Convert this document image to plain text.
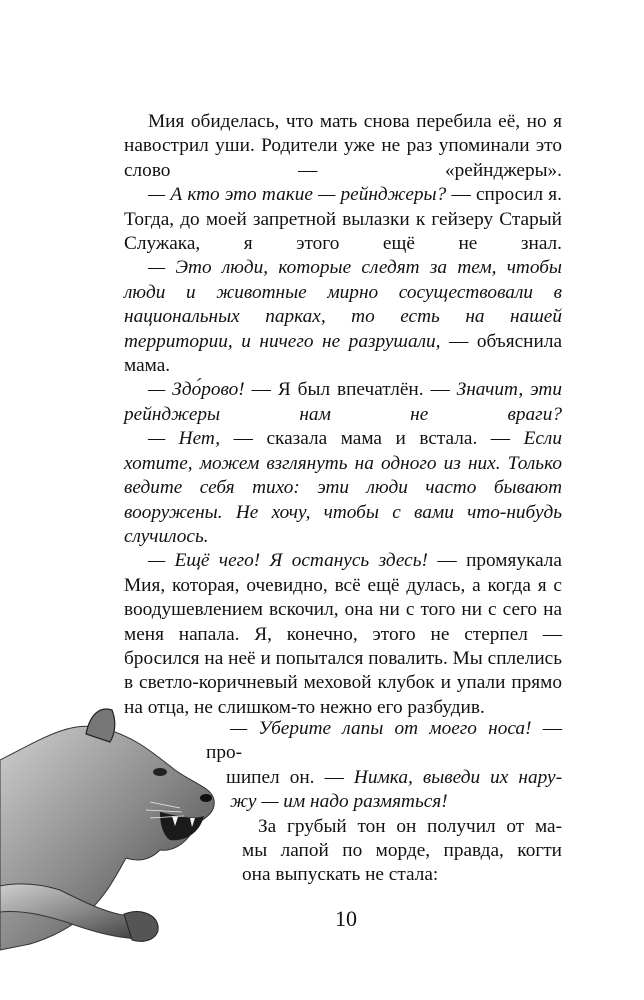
Мия обиделась, что мать снова перебила её, но я навострил уши. Родители уже не раз упоминали это слово — «рейнджеры».

— А кто это такие — рейнджеры? — спросил я. Тогда, до моей запретной вылазки к гейзеру Старый Служака, я этого ещё не знал.

— Это люди, которые следят за тем, чтобы люди и животные мирно сосуществовали в национальных парках, то есть на нашей территории, и ничего не разрушали, — объяснила мама.

— Здо́рово! — Я был впечатлён. — Значит, эти рейнджеры нам не враги?

— Нет, — сказала мама и встала. — Если хотите, можем взглянуть на одного из них. Только ведите себя тихо: эти люди часто бывают вооружены. Не хочу, чтобы с вами что-нибудь случилось.

— Ещё чего! Я останусь здесь! — промяукала Мия, которая, очевидно, всё ещё дулась, а когда я с воодушевлением вскочил, она ни с того ни с сего на меня напала. Я, конечно, этого не стерпел — бросился на неё и попытался повалить. Мы сплелись в светло-коричневый меховой клубок и упали прямо на отца, не слишком-то нежно его разбудив.

— Уберите лапы от моего носа! — про-
шипел он. — Нимка, выведи их нару-
жу — им надо размяться!

За грубый тон он получил от ма-
мы лапой по морде, правда, когти
она выпускать не стала:

10
